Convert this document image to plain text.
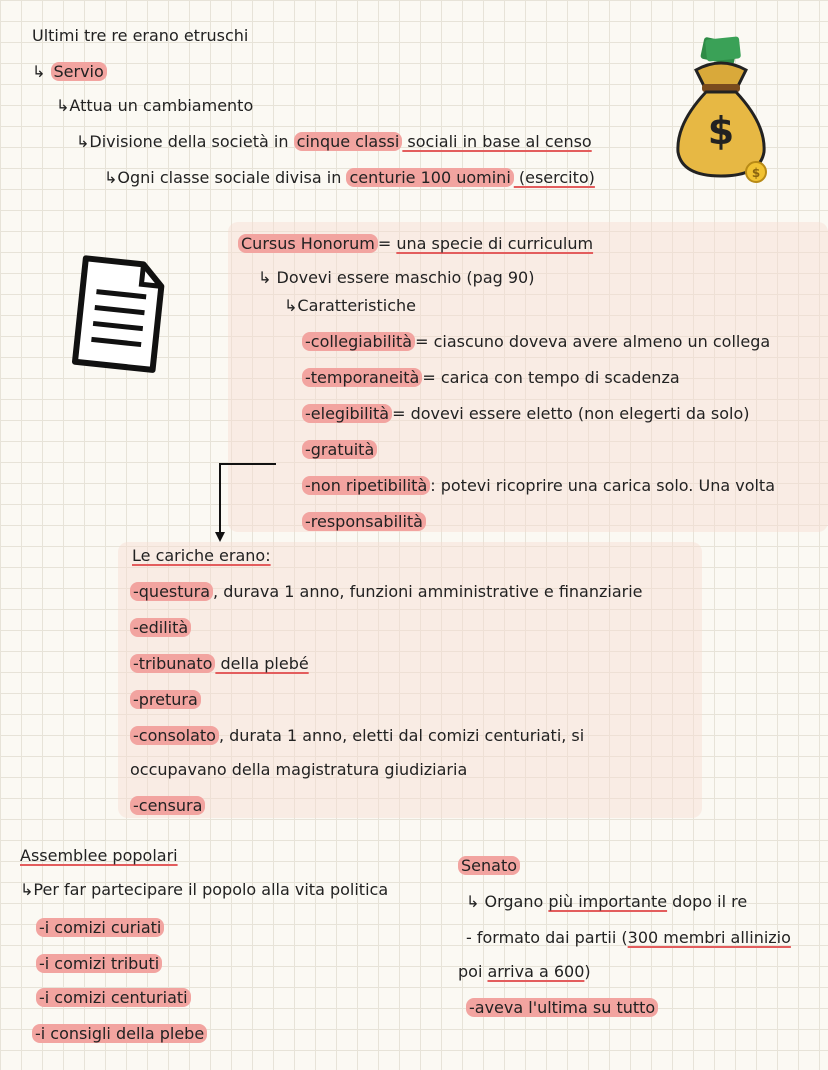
Ultimi tre re erano etruschi
↳ Servio
↳Attua un cambiamento
↳Divisione della società in cinque classi sociali in base al censo
↳Ogni classe sociale divisa in centurie 100 uomini (esercito)
$
$
Cursus Honorum = una specie di curriculum
↳ Dovevi essere maschio (pag 90)
↳Caratteristiche
-collegiabilità = ciascuno doveva avere almeno un collega
-temporaneità = carica con tempo di scadenza
-elegibilità = dovevi essere eletto (non elegerti da solo)
-gratuità
-non ripetibilità : potevi ricoprire una carica solo. Una volta
-responsabilità
Le cariche erano:
-questura , durava 1 anno, funzioni amministrative e finanziarie
-edilità
-tribunato della plebé
-pretura
-consolato , durata 1 anno, eletti dal comizi centuriati, si
occupavano della magistratura giudiziaria
-censura
Assemblee popolari
↳Per far partecipare il popolo alla vita politica
-i comizi curiati
-i comizi tributi
-i comizi centuriati
-i consigli della plebe
Senato
↳ Organo più importante dopo il re
- formato dai partii (300 membri allinizio
poi arriva a 600)
-aveva l'ultima su tutto
